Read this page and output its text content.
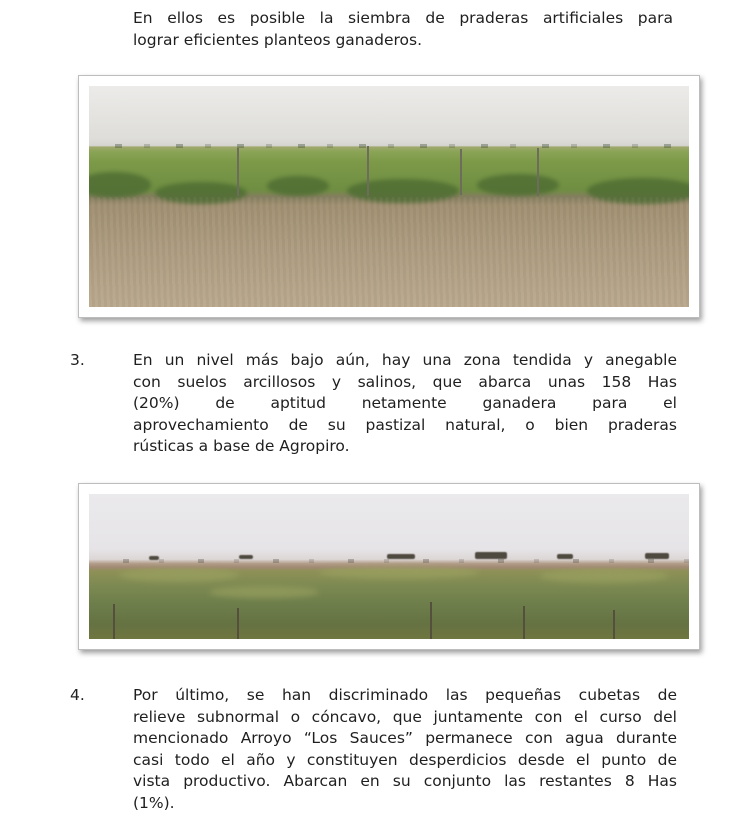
En ellos es posible la siembra de praderas artificiales para
lograr eficientes planteos ganaderos.
3.	En un nivel más bajo aún, hay una zona tendida y anegable
con suelos arcillosos y salinos, que abarca unas 158 Has
(20%) de aptitud netamente ganadera para el
aprovechamiento de su pastizal natural, o bien praderas
rústicas a base de Agropiro.
4.	Por último, se han discriminado las pequeñas cubetas de
relieve subnormal o cóncavo, que juntamente con el curso del
mencionado Arroyo “Los Sauces” permanece con agua durante
casi todo el año y constituyen desperdicios desde el punto de
vista productivo. Abarcan en su conjunto las restantes 8 Has
(1%).
